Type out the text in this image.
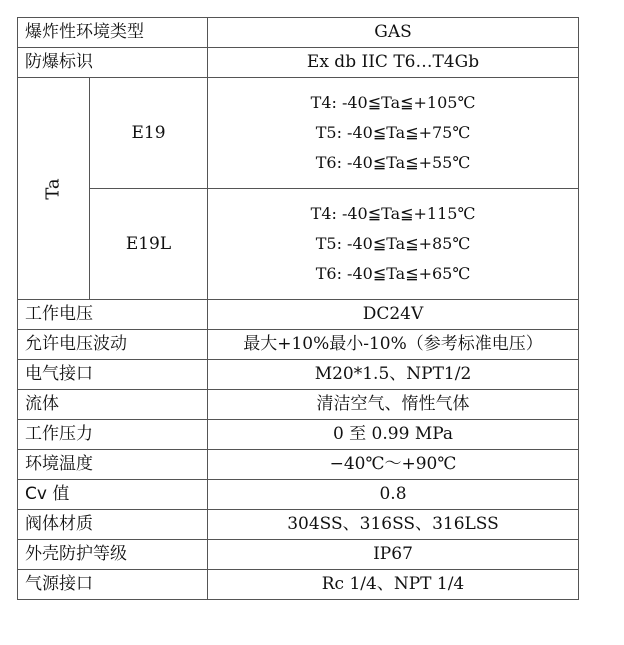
爆炸性环境类型		GAS
防爆标识		Ex db IIC T6…T4Gb
Ta	E19	T4: -40≦Ta≦+105℃
T5: -40≦Ta≦+75℃
T6: -40≦Ta≦+55℃

	E19L	T4: -40≦Ta≦+115℃
T5: -40≦Ta≦+85℃
T6: -40≦Ta≦+65℃

工作电压		DC24V
允许电压波动		最大+10%最小-10%（参考标准电压）
电气接口		M20*1.5、NPT1/2
流体		清洁空气、惰性气体
工作压力		0 至 0.99 MPa
环境温度		−40℃～+90℃
Cv 值		0.8
阀体材质		304SS、316SS、316LSS
外壳防护等级		IP67
气源接口		Rc 1/4、NPT 1/4
